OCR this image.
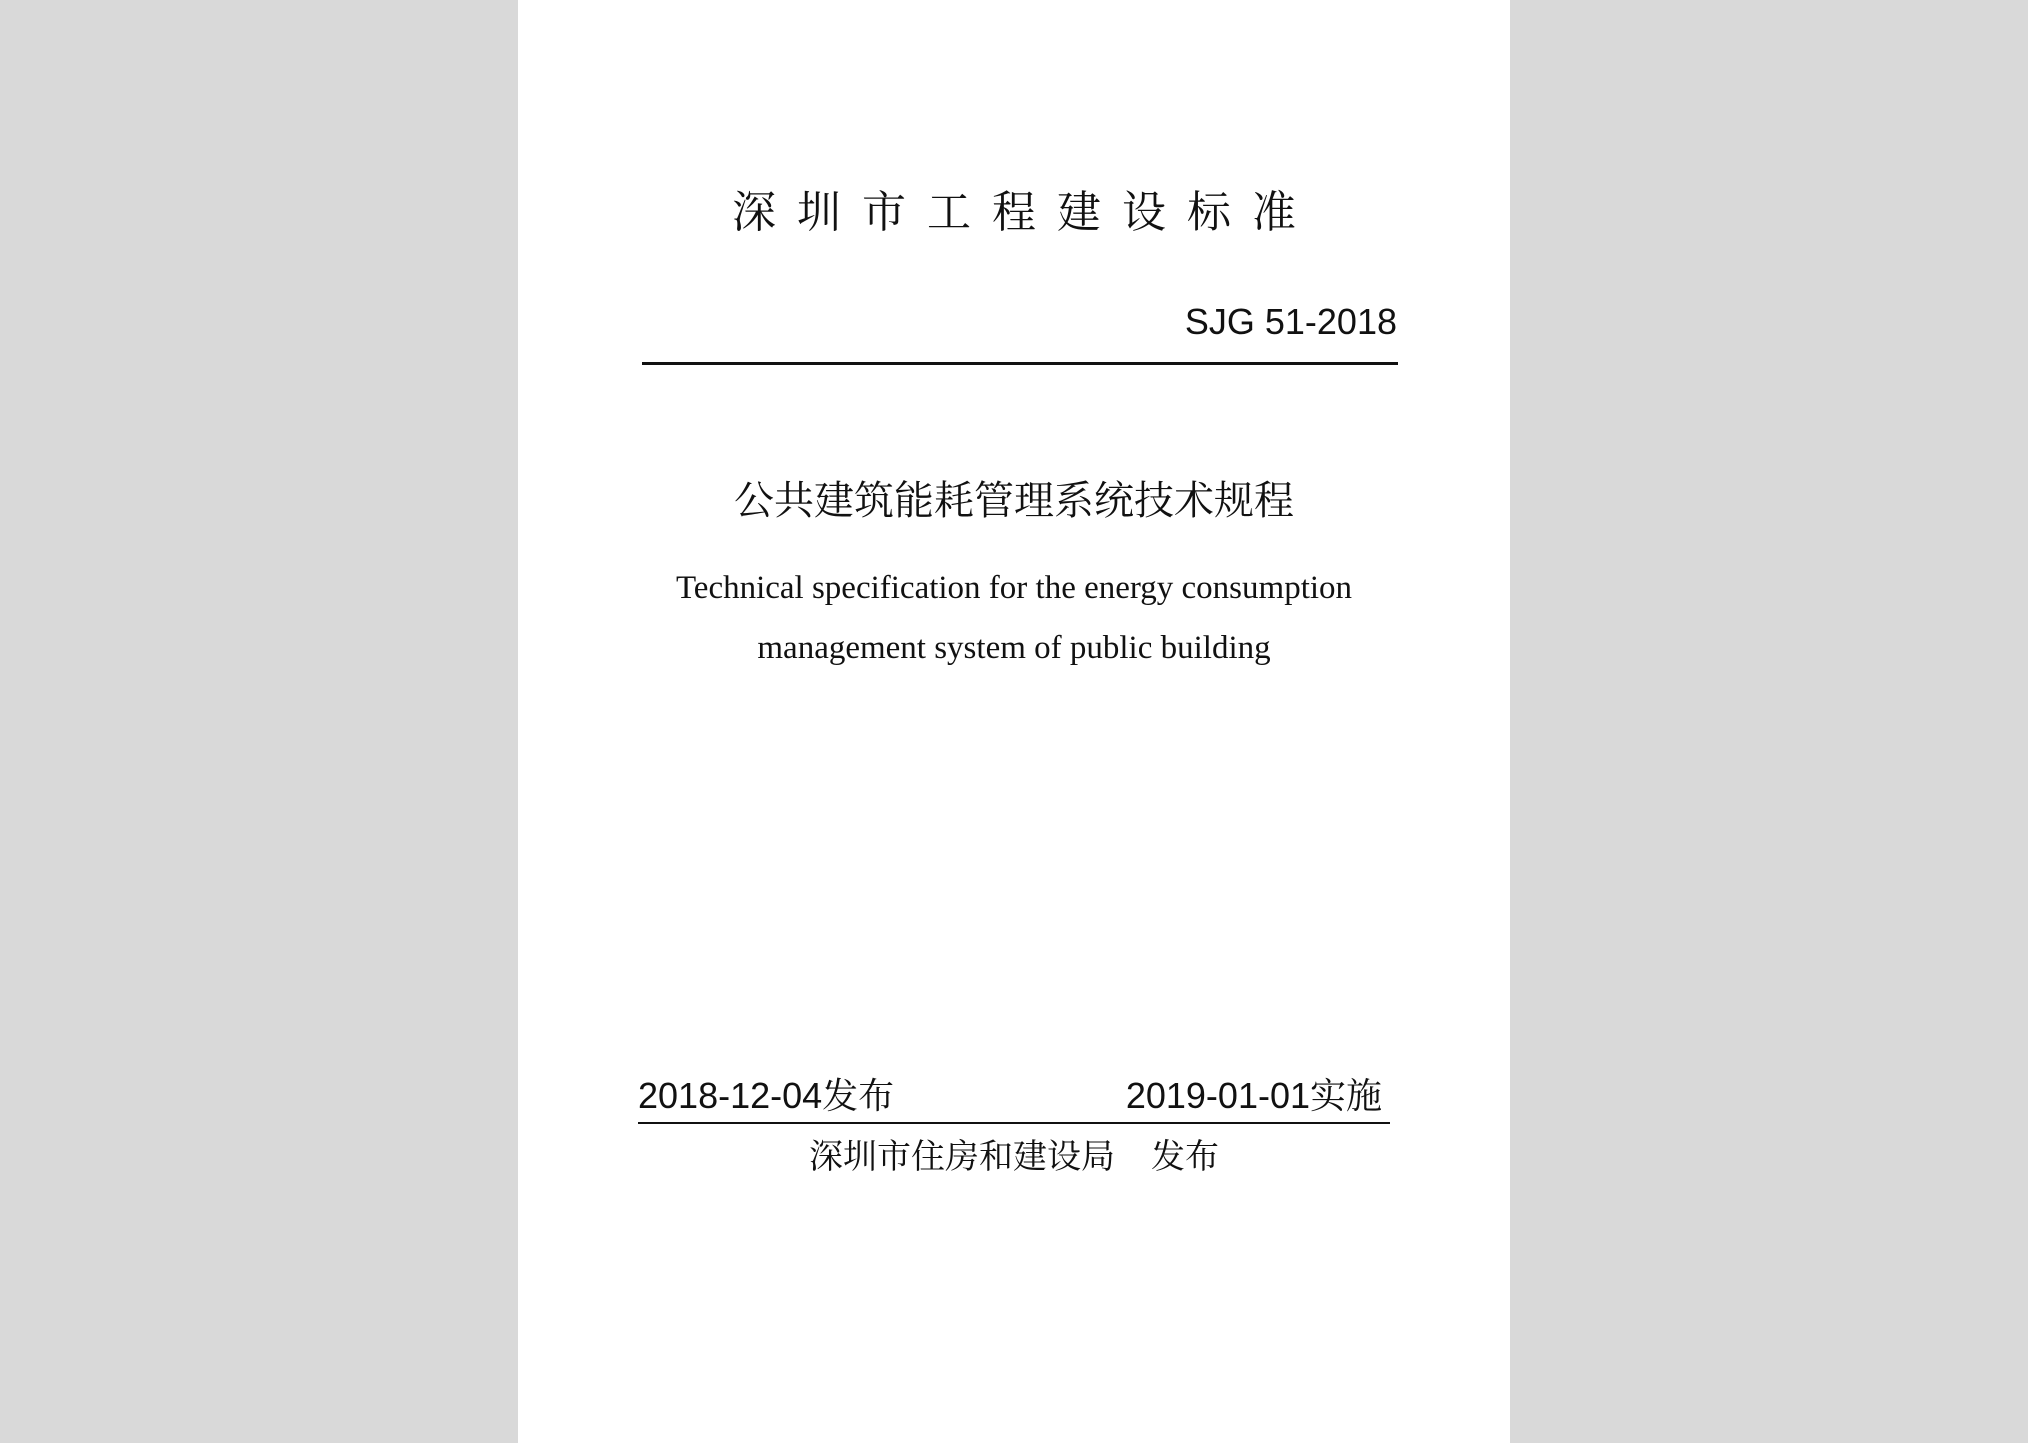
深圳市工程建设标准
SJG 51-2018
公共建筑能耗管理系统技术规程
Technical specification for the energy consumption
management system of public building
2018-12-04发布	2019-01-01实施
深圳市住房和建设局 发布
